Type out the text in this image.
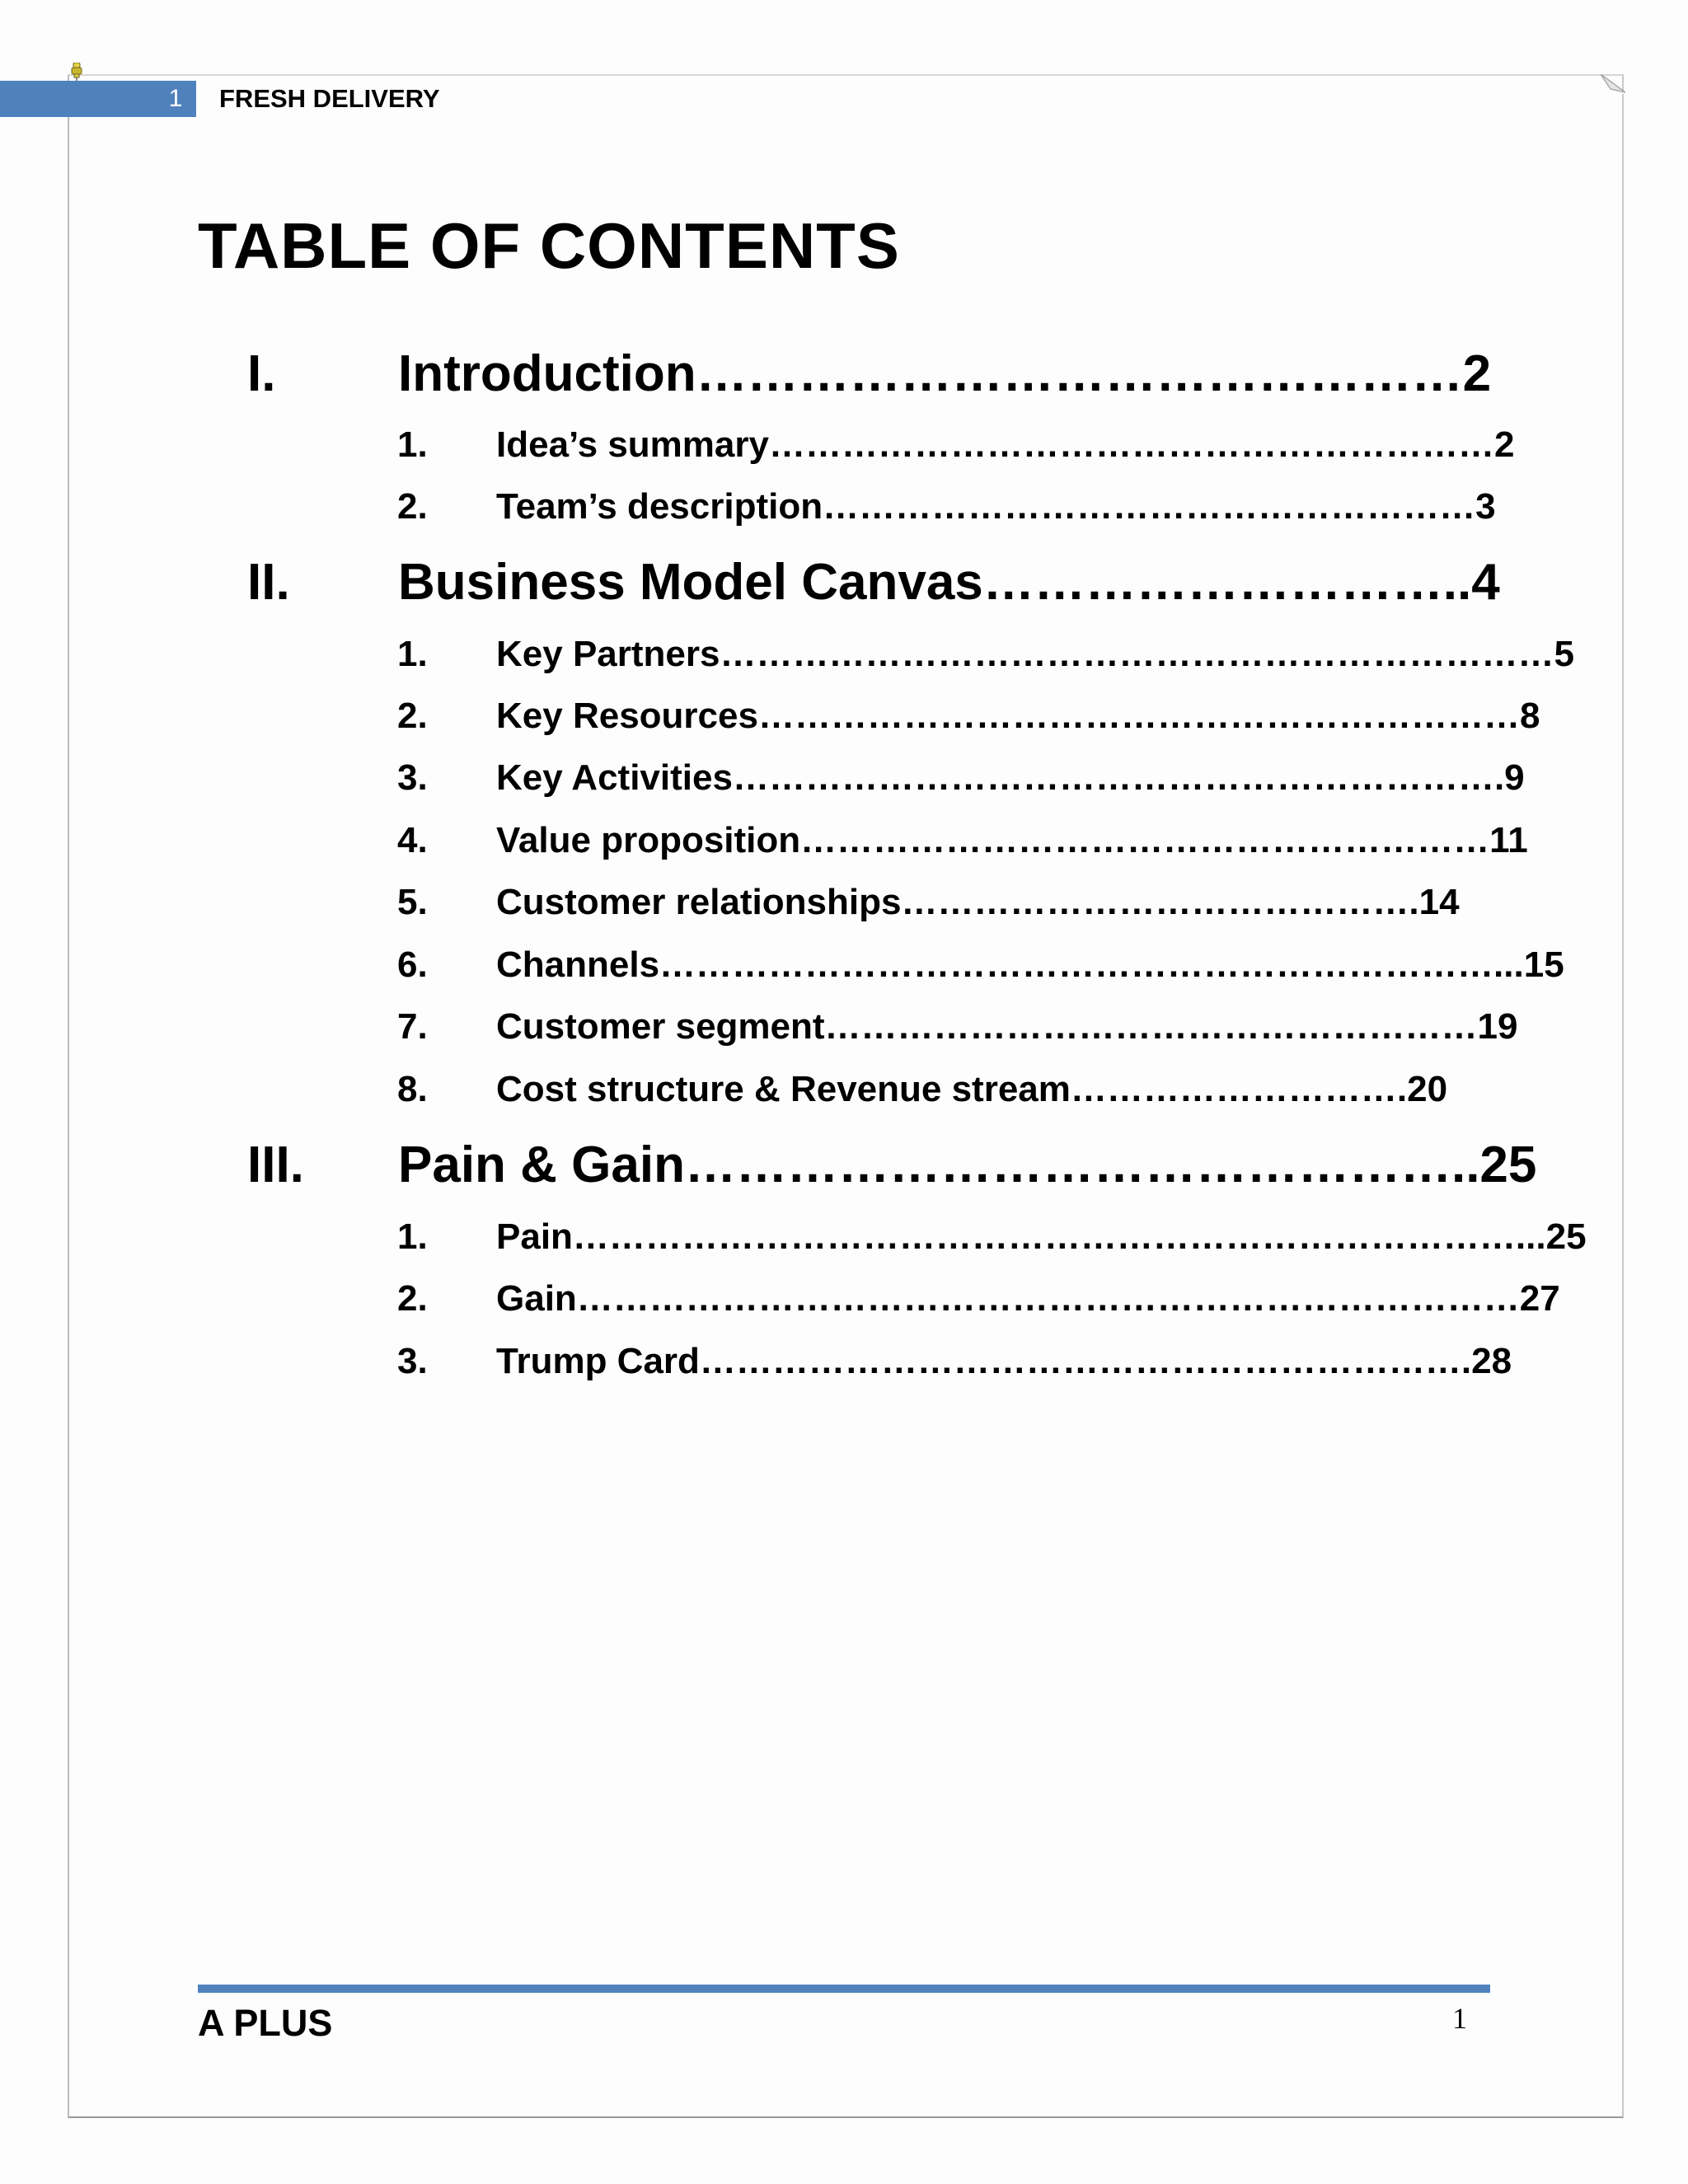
1 FRESH DELIVERY
TABLE OF CONTENTS
I. Introduction………………………………………2
1. Idea’s summary……………………………………………………2
2. Team’s description………………………………………………3
II. Business Model Canvas………………………..4
1. Key Partners……………………………………………………………5
2. Key Resources………………………………………………………8
3. Key Activities……………………………………………………….9
4. Value proposition…………………………………………………11
5. Customer relationships…………………………………….14
6. Channels……………………………………………………………...15
7. Customer segment………………………………………………19
8. Cost structure & Revenue stream……………………….20
III. Pain & Gain………………………………………..25
1. Pain……………………………………………………………………...25
2. Gain……………………………………………………………………27
3. Trump Card……………………………………………………….28
A PLUS	1
